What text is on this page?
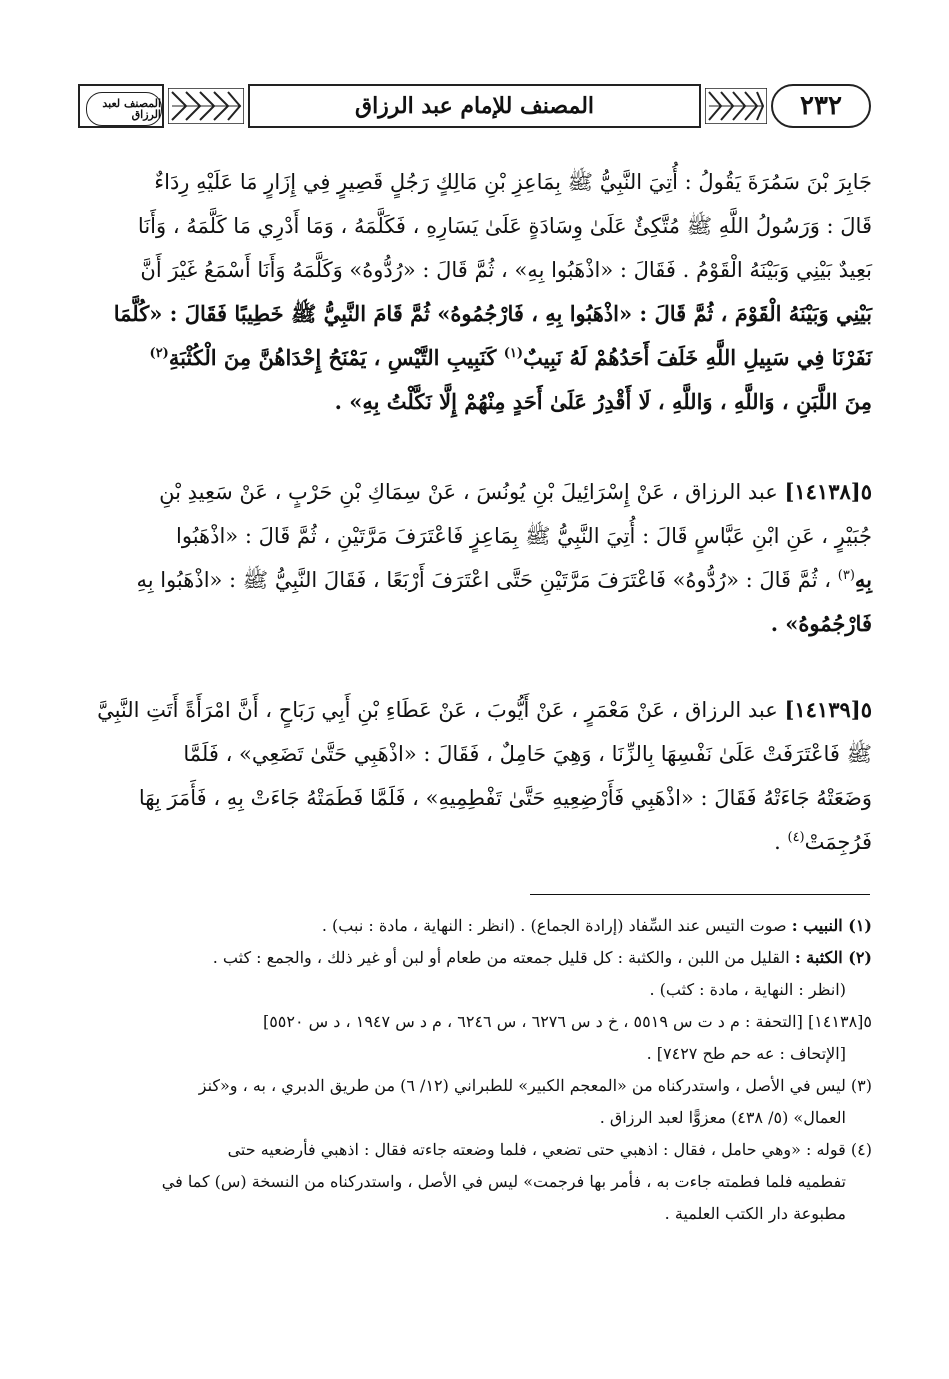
المصنف لعبد الرزاق	المصنف للإمام عبد الرزاق	٢٣٢

جَابِرَ بْنَ سَمُرَةَ يَقُولُ : أُتِيَ النَّبِيُّ ﷺ بِمَاعِزِ بْنِ مَالِكٍ رَجُلٍ قَصِيرٍ فِي إِزَارٍ مَا عَلَيْهِ رِدَاءٌ

قَالَ : وَرَسُولُ اللَّهِ ﷺ مُتَّكِئٌ عَلَىٰ وِسَادَةٍ عَلَىٰ يَسَارِهِ ، فَكَلَّمَهُ ، وَمَا أَدْرِي مَا كَلَّمَهُ ، وَأَنَا

بَعِيدٌ بَيْنِي وَبَيْنَهُ الْقَوْمُ . فَقَالَ : «اذْهَبُوا بِهِ» ، ثُمَّ قَالَ : «رُدُّوهُ» وَكَلَّمَهُ وَأَنَا أَسْمَعُ غَيْرَ أَنَّ

بَيْنِي وَبَيْنَهُ الْقَوْمَ ، ثُمَّ قَالَ : «اذْهَبُوا بِهِ ، فَارْجُمُوهُ» ثُمَّ قَامَ النَّبِيُّ ﷺ خَطِيبًا فَقَالَ : «كُلَّمَا

نَفَرْنَا فِي سَبِيلِ اللَّهِ خَلَفَ أَحَدُهُمْ لَهُ نَبِيبٌ$^{(١)}$ كَنَبِيبِ التَّيْسِ ، يَمْنَحُ إِحْدَاهُنَّ مِنَ الْكُثْبَةِ$^{(٢)}$

مِنَ اللَّبَنِ ، وَاللَّهِ ، وَاللَّهِ ، لَا أَقْدِرُ عَلَىٰ أَحَدٍ مِنْهُمْ إِلَّا نَكَّلْتُ بِهِ» .

٥[١٤١٣٨] عبد الرزاق ، عَنْ إِسْرَائِيلَ بْنِ يُونُسَ ، عَنْ سِمَاكِ بْنِ حَرْبٍ ، عَنْ سَعِيدِ بْنِ

جُبَيْرٍ ، عَنِ ابْنِ عَبَّاسٍ قَالَ : أُتِيَ النَّبِيُّ ﷺ بِمَاعِزٍ فَاعْتَرَفَ مَرَّتَيْنِ ، ثُمَّ قَالَ : «اذْهَبُوا

بِهِ$^{(٣)}$ ، ثُمَّ قَالَ : «رُدُّوهُ» فَاعْتَرَفَ مَرَّتَيْنِ حَتَّى اعْتَرَفَ أَرْبَعًا ، فَقَالَ النَّبِيُّ ﷺ : «اذْهَبُوا بِهِ

فَارْجُمُوهُ» .

٥[١٤١٣٩] عبد الرزاق ، عَنْ مَعْمَرٍ ، عَنْ أَيُّوبَ ، عَنْ عَطَاءِ بْنِ أَبِي رَبَاحٍ ، أَنَّ امْرَأَةً أَتَتِ النَّبِيَّ

ﷺ فَاعْتَرَفَتْ عَلَىٰ نَفْسِهَا بِالزِّنَا ، وَهِيَ حَامِلٌ ، فَقَالَ : «اذْهَبِي حَتَّىٰ تَضَعِي» ، فَلَمَّا

وَضَعَتْهُ جَاءَتْهُ فَقَالَ : «اذْهَبِي فَأَرْضِعِيهِ حَتَّىٰ تَفْطِمِيهِ» ، فَلَمَّا فَطَمَتْهُ جَاءَتْ بِهِ ، فَأَمَرَ بِهَا

فَرُجِمَتْ$^{(٤)}$ .

(١) النبيب : صوت التيس عند السِّفاد (إرادة الجماع) . (انظر : النهاية ، مادة : نبب) .

(٢) الكثبة : القليل من اللبن ، والكثبة : كل قليل جمعته من طعام أو لبن أو غير ذلك ، والجمع : كثب .

(انظر : النهاية ، مادة : كثب) .

٥[١٤١٣٨] [التحفة : م د ت س ٥٥١٩ ، خ د س ٦٢٧٦ ، س ٦٢٤٦ ، م د س ١٩٤٧ ، د س ٥٥٢٠]

[الإتحاف : عه حم طح ٧٤٢٧] .

(٣) ليس في الأصل ، واستدركناه من «المعجم الكبير» للطبراني (١٢/ ٦) من طريق الدبري ، به ، و«كنز

العمال» (٥/ ٤٣٨) معزوًّا لعبد الرزاق .

(٤) قوله : «وهي حامل ، فقال : اذهبي حتى تضعي ، فلما وضعته جاءته فقال : اذهبي فأرضعيه حتى

تفطميه فلما فطمته جاءت به ، فأمر بها فرجمت» ليس في الأصل ، واستدركناه من النسخة (س) كما في

مطبوعة دار الكتب العلمية .
